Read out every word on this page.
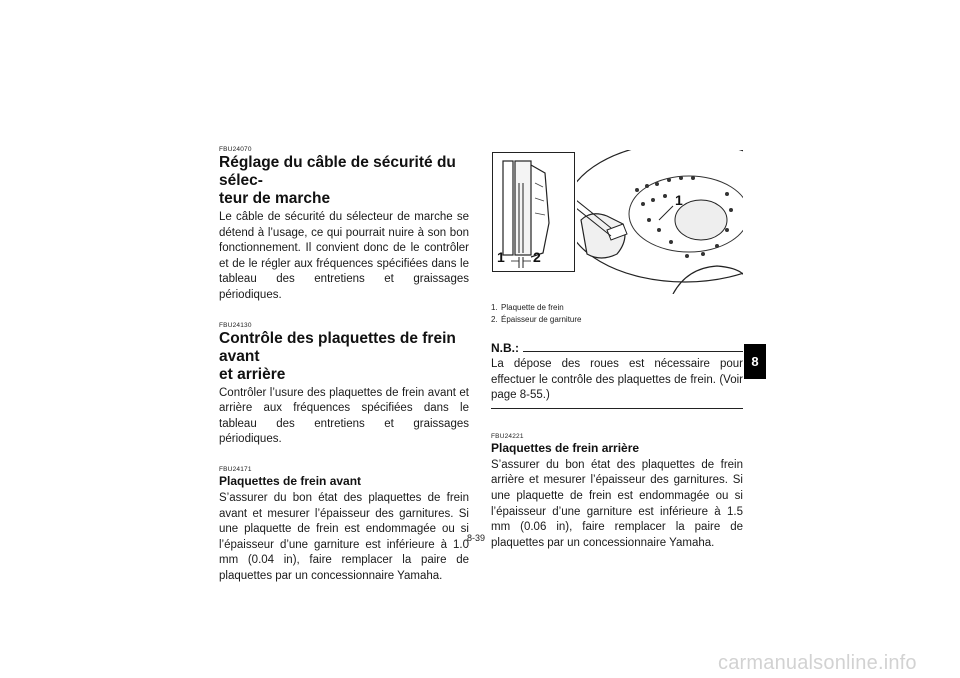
FBU24070
Réglage du câble de sécurité du sélec-
teur de marche

Le câble de sécurité du sélecteur de marche se détend à l’usage, ce qui pourrait nuire à son bon fonctionnement. Il convient donc de le contrôler et de le régler aux fréquences spécifiées dans le tableau des entretiens et graissages périodiques.

FBU24130
Contrôle des plaquettes de frein avant
et arrière

Contrôler l’usure des plaquettes de frein avant et arrière aux fréquences spécifiées dans le tableau des entretiens et graissages périodiques.

FBU24171
Plaquettes de frein avant

S’assurer du bon état des plaquettes de frein avant et mesurer l’épaisseur des garnitures. Si une plaquette de frein est endommagée ou si l’épaisseur d’une garniture est inférieure à 1.0 mm (0.04 in), faire remplacer la paire de plaquettes par un concessionnaire Yamaha.

1 2
1
1. Plaquette de frein
2. Épaisseur de garniture
N.B.:

La dépose des roues est nécessaire pour effectuer le contrôle des plaquettes de frein. (Voir page 8-55.)

FBU24221
Plaquettes de frein arrière

S’assurer du bon état des plaquettes de frein arrière et mesurer l’épaisseur des garnitures. Si une plaquette de frein est endommagée ou si l’épaisseur d’une garniture est inférieure à 1.5 mm (0.06 in), faire remplacer la paire de plaquettes par un concessionnaire Yamaha.

8
8-39
carmanualsonline.info
